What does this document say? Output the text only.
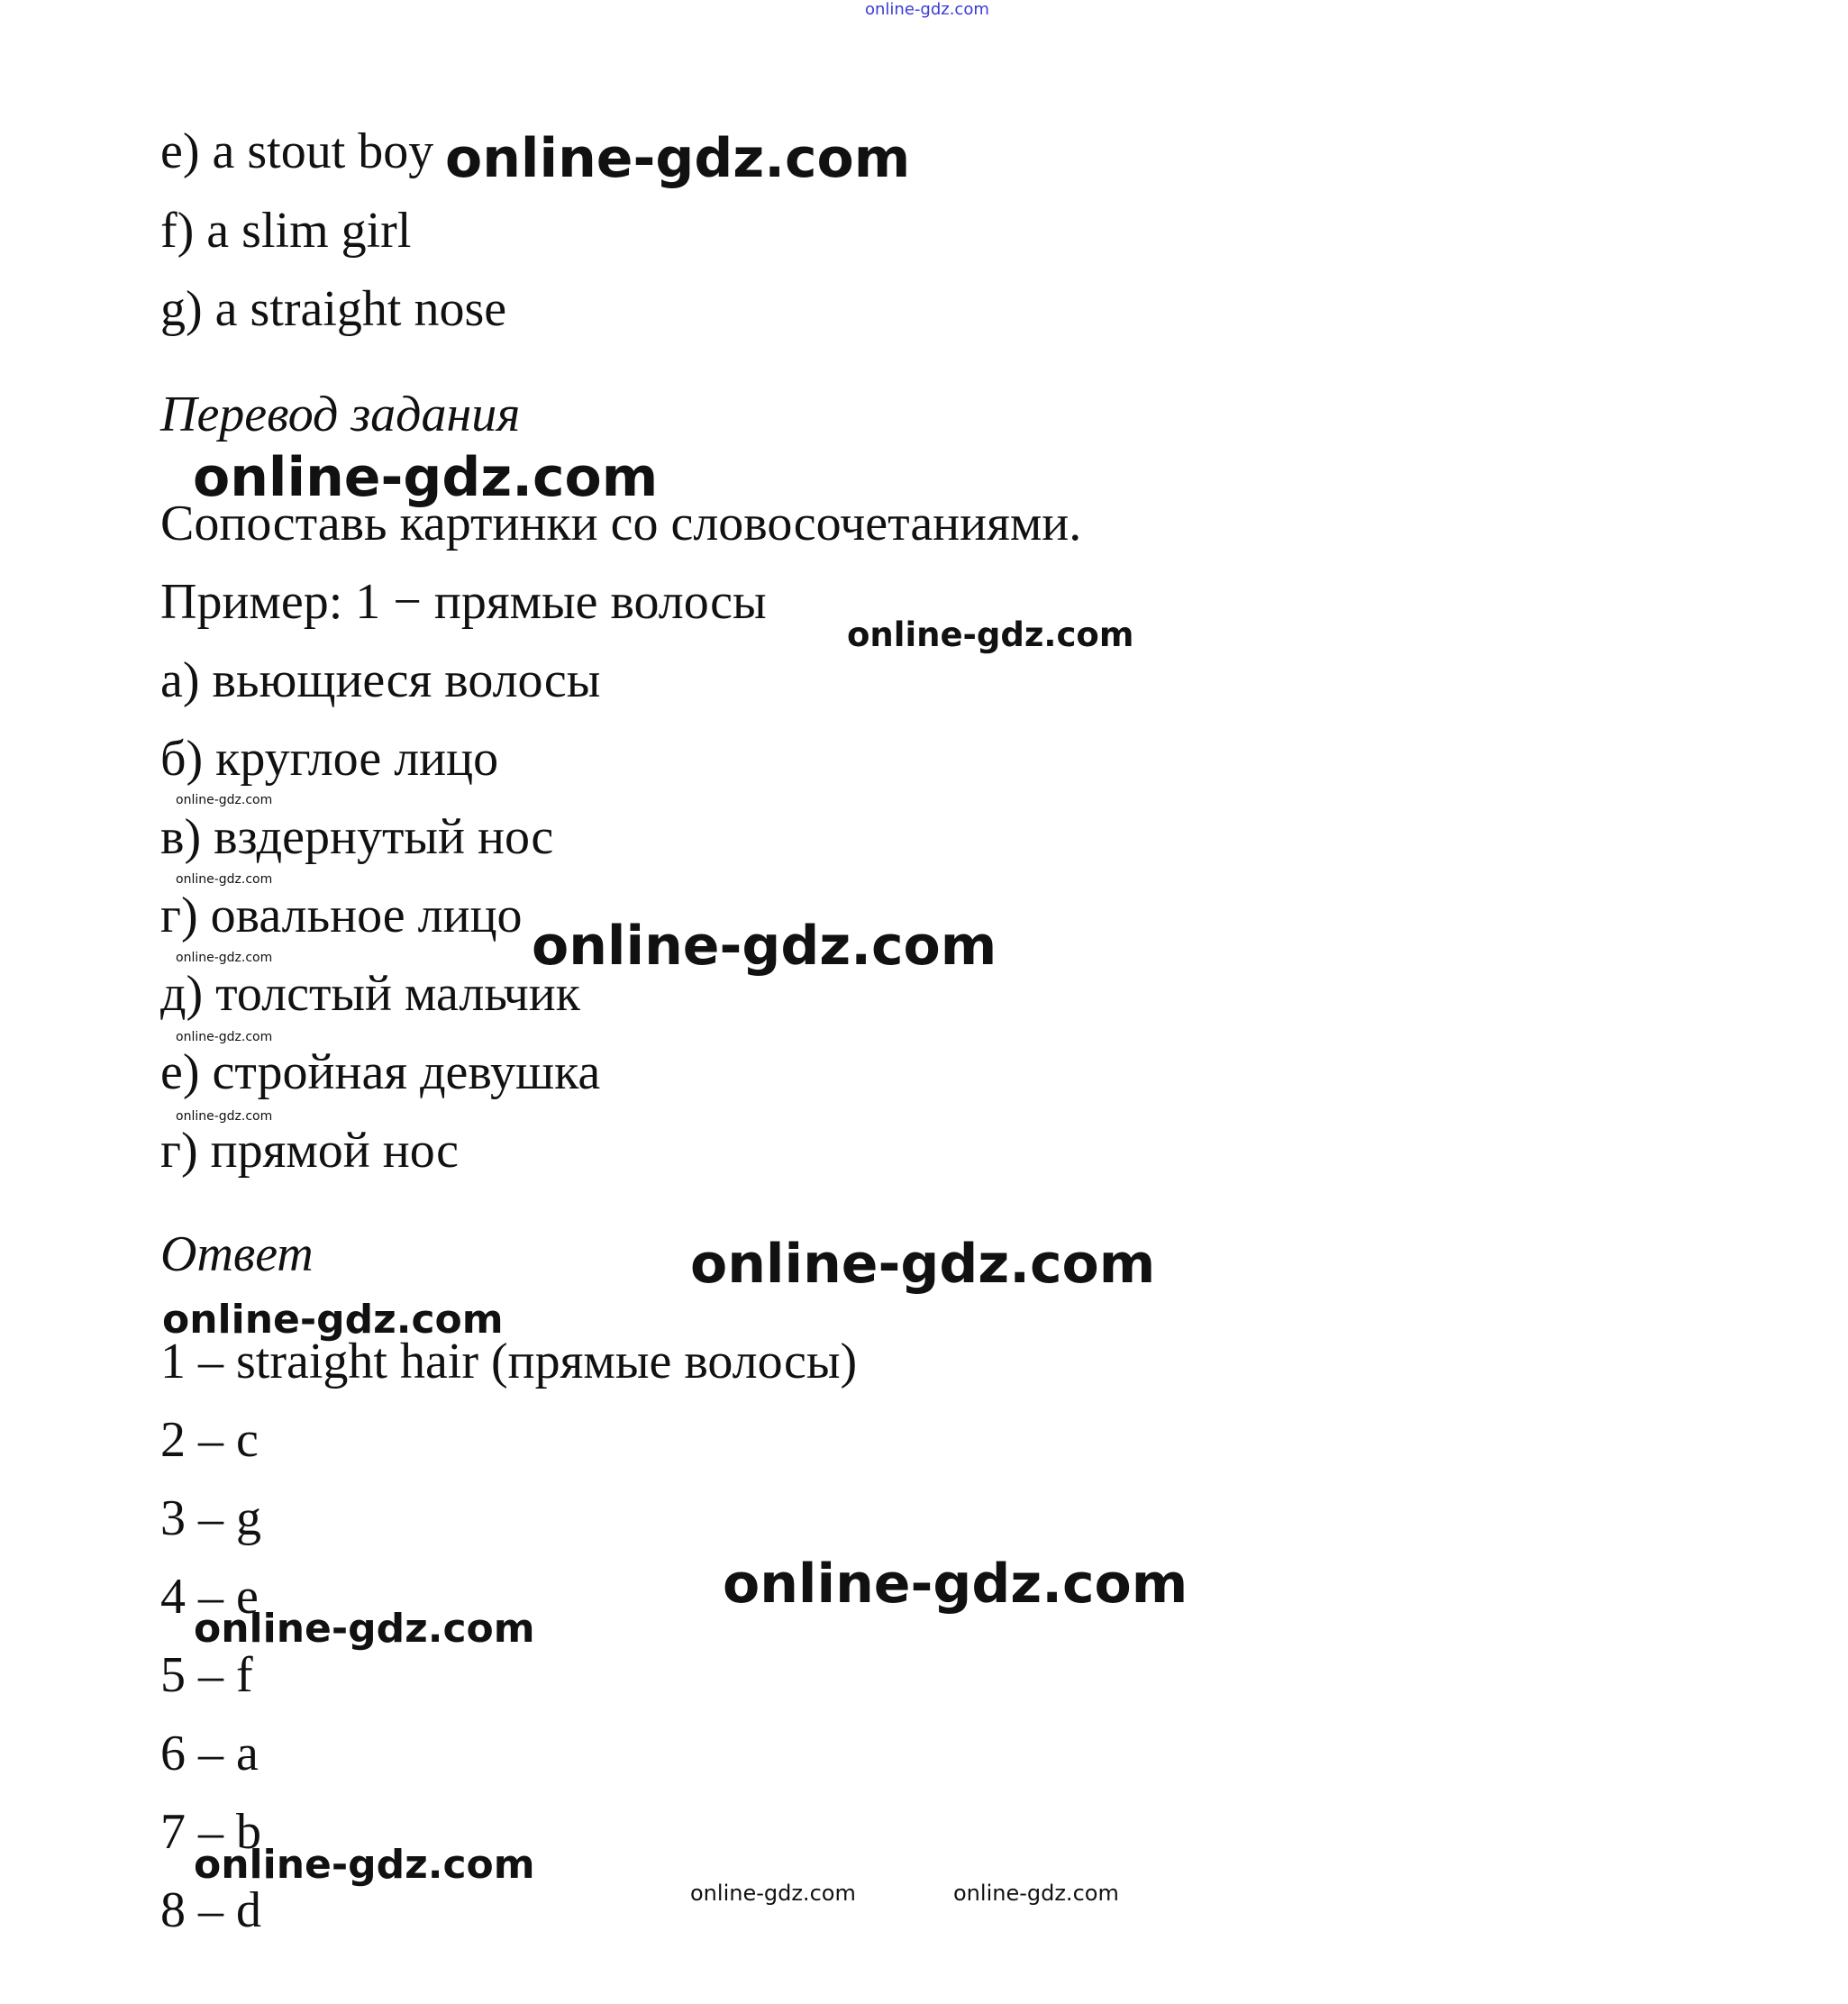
online-gdz.com
e) a stout boy
f) a slim girl
g) a straight nose
Перевод задания
Сопоставь картинки со словосочетаниями.
Пример: 1 − прямые волосы
а) вьющиеся волосы
б) круглое лицо
в) вздернутый нос
г) овальное лицо
д) толстый мальчик
е) стройная девушка
г) прямой нос
Ответ
1 – straight hair (прямые волосы)
2 – c
3 – g
4 – e
5 – f
6 – a
7 – b
8 – d
online-gdz.com
online-gdz.com
online-gdz.com
online-gdz.com
online-gdz.com
online-gdz.com
online-gdz.com
online-gdz.com
online-gdz.com
online-gdz.com
online-gdz.com
online-gdz.com
online-gdz.com
online-gdz.com
online-gdz.com	online-gdz.com
